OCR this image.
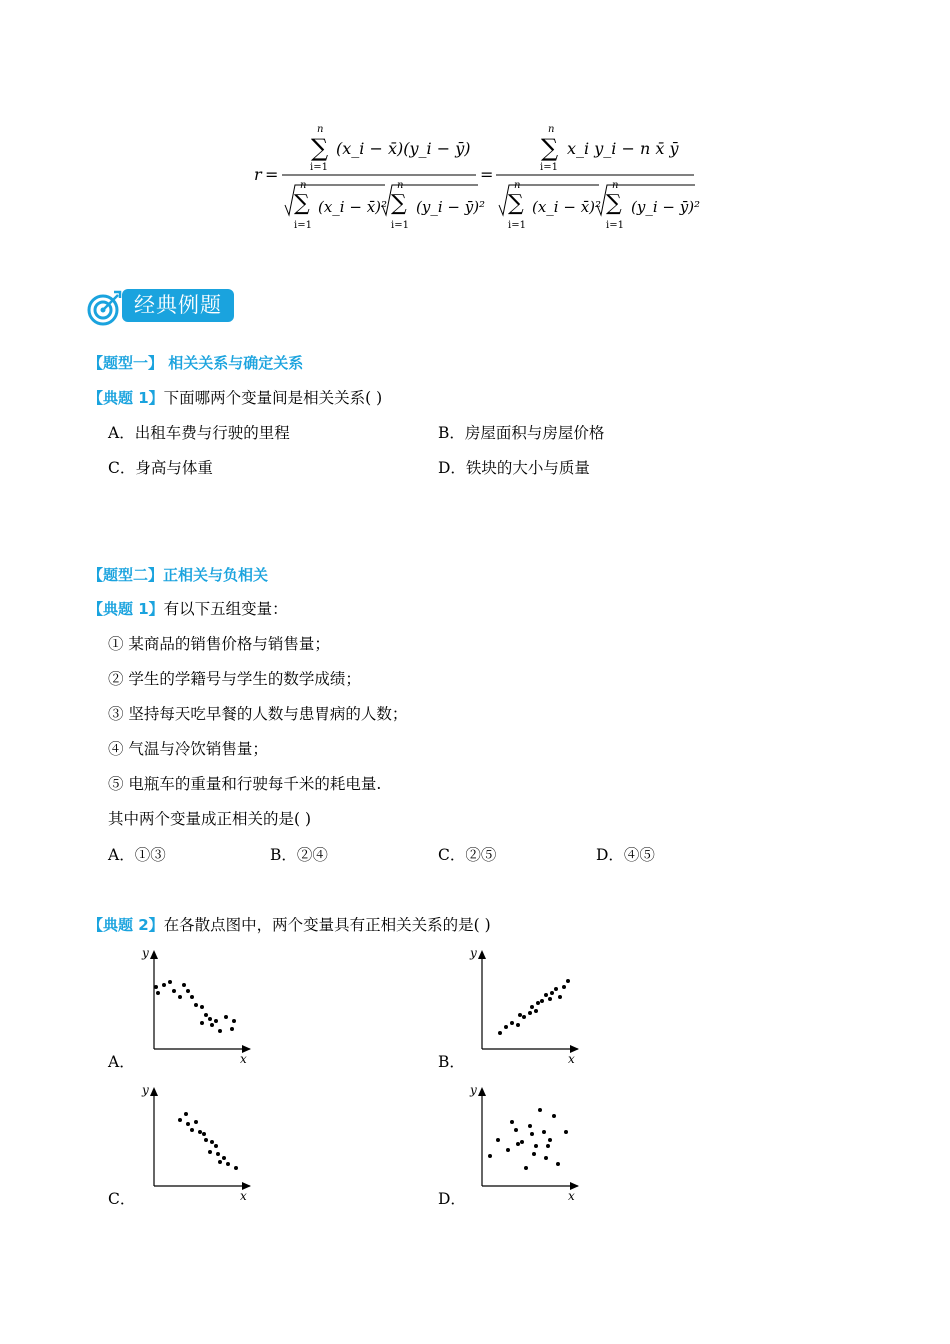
r =
n
∑
i=1
(x_i − x̄)(y_i − ȳ)
n
∑
i=1
(x_i − x̄)²
n
∑
i=1
(y_i − ȳ)²
=
n
∑
i=1
x_i y_i − n x̄ ȳ
n
∑
i=1
(x_i − x̄)²
n
∑
i=1
(y_i − ȳ)²
经典例题
【题型一】 相关关系与确定关系
【典题 1】下面哪两个变量间是相关关系( )
A．出租车费与行驶的里程	B．房屋面积与房屋价格
C．身高与体重	D．铁块的大小与质量
【题型二】正相关与负相关
【典题 1】有以下五组变量：
① 某商品的销售价格与销售量；
② 学生的学籍号与学生的数学成绩；
③ 坚持每天吃早餐的人数与患胃病的人数；
④ 气温与冷饮销售量；
⑤ 电瓶车的重量和行驶每千米的耗电量.
其中两个变量成正相关的是( )
A．①③	B．②④	C．②⑤	D．④⑤
【典题 2】在各散点图中，两个变量具有正相关关系的是( )
A．	B．
C．	D．
y
x
y
x
y
x
y
x
